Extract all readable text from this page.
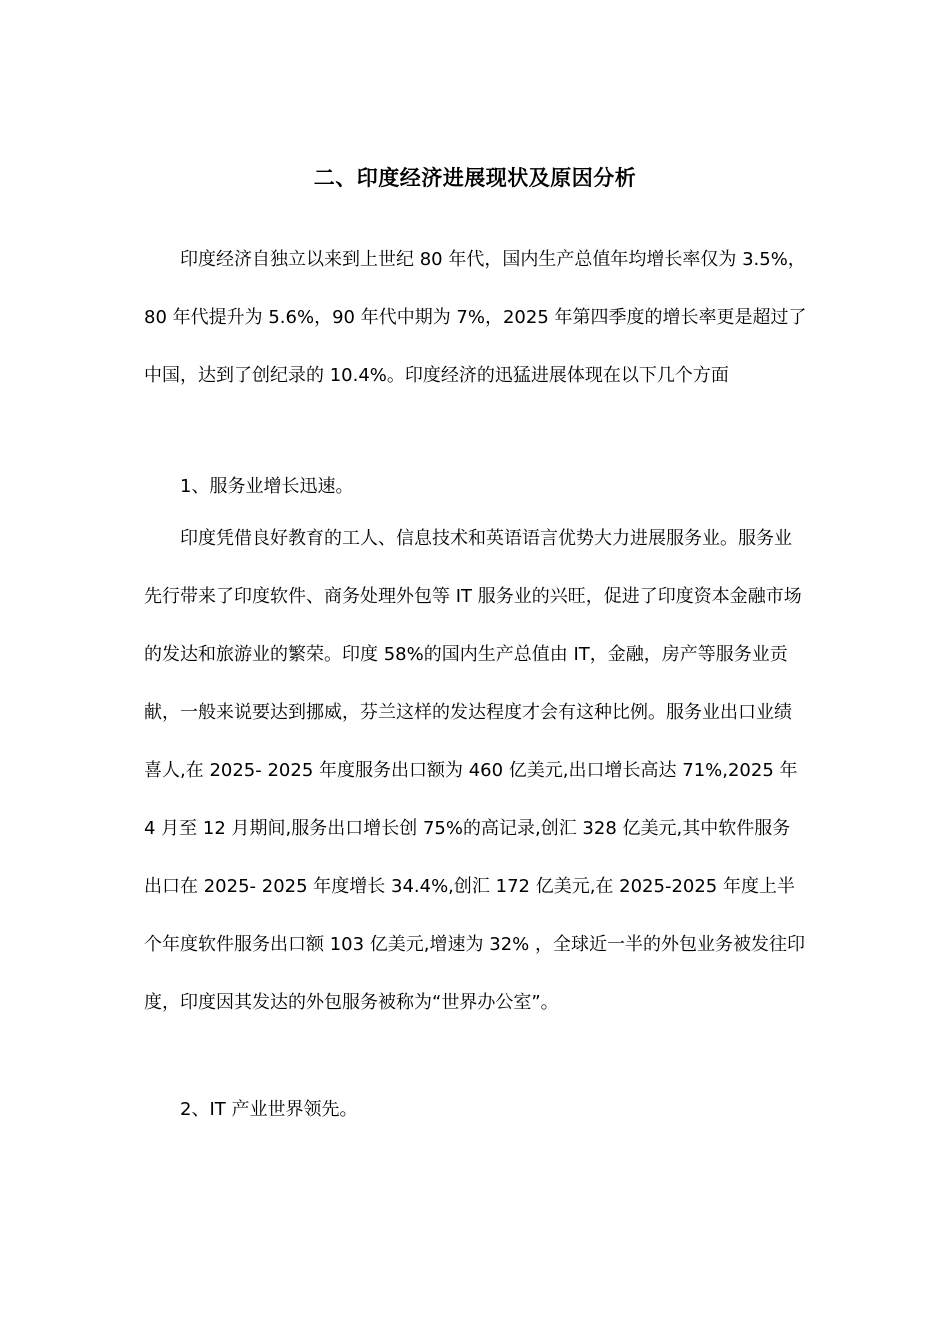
二、印度经济进展现状及原因分析

印度经济自独立以来到上世纪 80 年代，国内生产总值年均增长率仅为 3.5%，80 年代提升为 5.6%，90 年代中期为 7%，2025 年第四季度的增长率更是超过了中国，达到了创纪录的 10.4%。印度经济的迅猛进展体现在以下几个方面

1、服务业增长迅速。

印度凭借良好教育的工人、信息技术和英语语言优势大力进展服务业。服务业先行带来了印度软件、商务处理外包等 IT 服务业的兴旺，促进了印度资本金融市场的发达和旅游业的繁荣。印度 58%的国内生产总值由 IT，金融，房产等服务业贡献，一般来说要达到挪威，芬兰这样的发达程度才会有这种比例。服务业出口业绩喜人,在 2025- 2025 年度服务出口额为 460 亿美元,出口增长高达 71%,2025 年 4 月至 12 月期间,服务出口增长创 75%的高记录,创汇 328 亿美元,其中软件服务出口在 2025- 2025 年度增长 34.4%,创汇 172 亿美元,在 2025-2025 年度上半个年度软件服务出口额 103 亿美元,增速为 32% ，全球近一半的外包业务被发往印度，印度因其发达的外包服务被称为“世界办公室”。

2、IT 产业世界领先。
